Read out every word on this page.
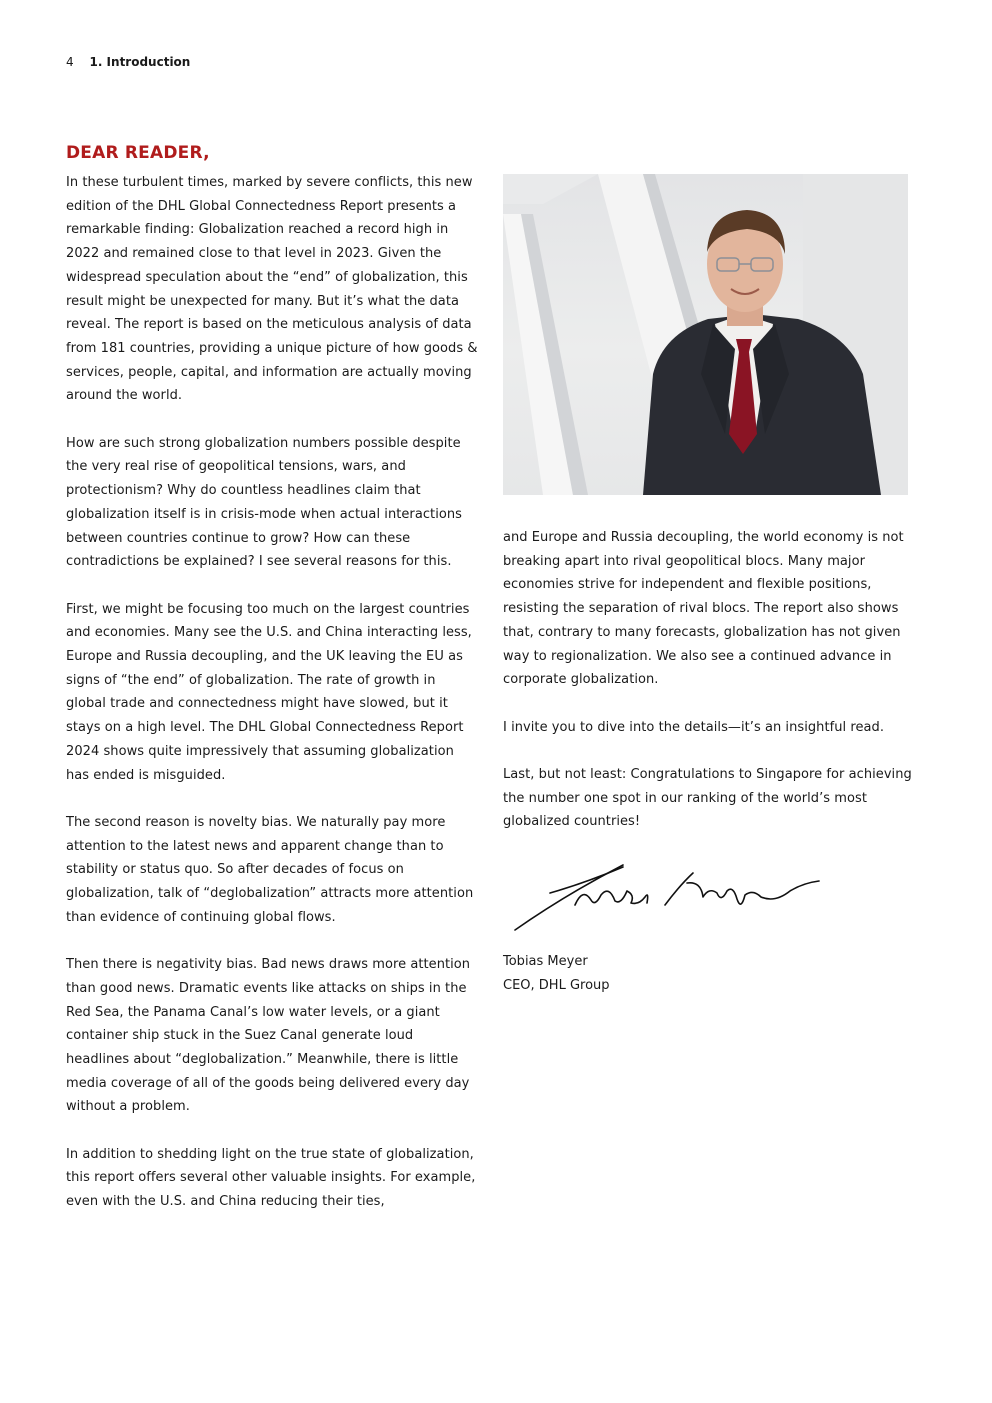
4 1. Introduction
DEAR READER,

In these turbulent times, marked by severe conflicts, this new edition of the DHL Global Connectedness Report presents a remarkable finding: Globalization reached a record high in 2022 and remained close to that level in 2023. Given the widespread speculation about the “end” of globalization, this result might be unexpected for many. But it’s what the data reveal. The report is based on the meticulous analysis of data from 181 countries, providing a unique picture of how goods & services, people, capital, and information are actually moving around the world.

How are such strong globalization numbers possible despite the very real rise of geopolitical tensions, wars, and protectionism? Why do countless headlines claim that globalization itself is in crisis-mode when actual interactions between countries continue to grow? How can these contradictions be explained? I see several reasons for this.

First, we might be focusing too much on the largest countries and economies. Many see the U.S. and China interacting less, Europe and Russia decoupling, and the UK leaving the EU as signs of “the end” of globalization. The rate of growth in global trade and connectedness might have slowed, but it stays on a high level. The DHL Global Connectedness Report 2024 shows quite impressively that assuming globalization has ended is misguided.

The second reason is novelty bias. We naturally pay more attention to the latest news and apparent change than to stability or status quo. So after decades of focus on globalization, talk of “deglobalization” attracts more attention than evidence of continuing global flows.

Then there is negativity bias. Bad news draws more attention than good news. Dramatic events like attacks on ships in the Red Sea, the Panama Canal’s low water levels, or a giant container ship stuck in the Suez Canal generate loud headlines about “deglobalization.” Meanwhile, there is little media coverage of all of the goods being delivered every day without a problem.

In addition to shedding light on the true state of globalization, this report offers several other valuable insights. For example, even with the U.S. and China reducing their ties,

and Europe and Russia decoupling, the world economy is not breaking apart into rival geopolitical blocs. Many major economies strive for independent and flexible positions, resisting the separation of rival blocs. The report also shows that, contrary to many forecasts, globalization has not given way to regionalization. We also see a continued advance in corporate globalization.

I invite you to dive into the details—it’s an insightful read.

Last, but not least: Congratulations to Singapore for achieving the number one spot in our ranking of the world’s most globalized countries!

Tobias Meyer
CEO, DHL Group
